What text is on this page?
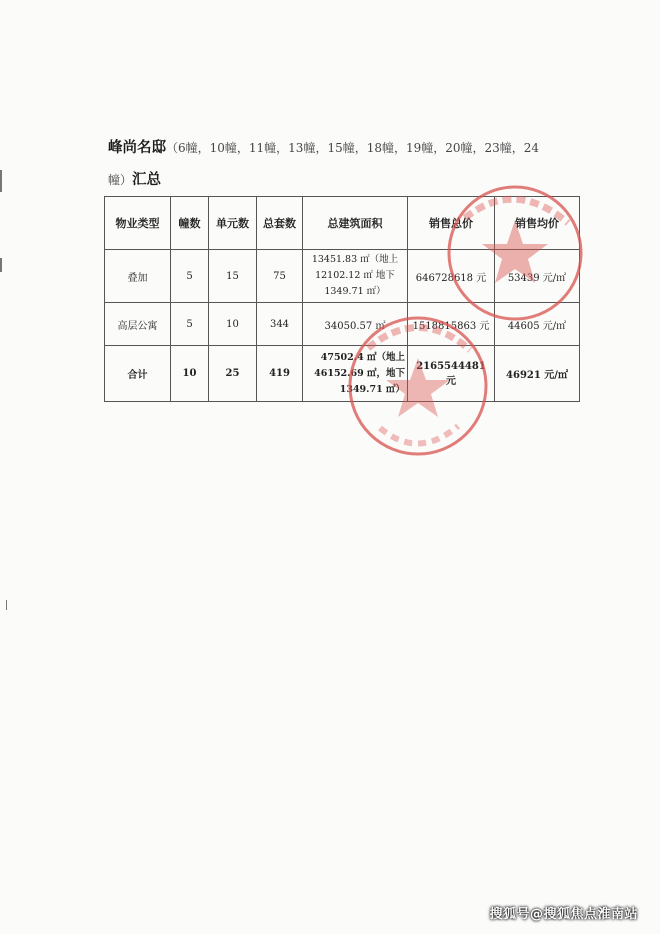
峰尚名邸（6幢，10幢，11幢，13幢，15幢，18幢，19幢，20幢，23幢，24
幢）汇总
物业类型	幢数	单元数	总套数	总建筑面积	销售总价	销售均价
叠加	5	15	75	13451.83 ㎡（地上
12102.12 ㎡ 地下
1349.71 ㎡）	646728618 元	53439 元/㎡
高层公寓	5	10	344	34050.57 ㎡	1518815863 元	44605 元/㎡
合计	10	25	419	47502.4 ㎡（地上
46152.69 ㎡，地下
1349.71 ㎡）	2165544481 元	46921 元/㎡
搜狐号@搜狐焦点淮南站
